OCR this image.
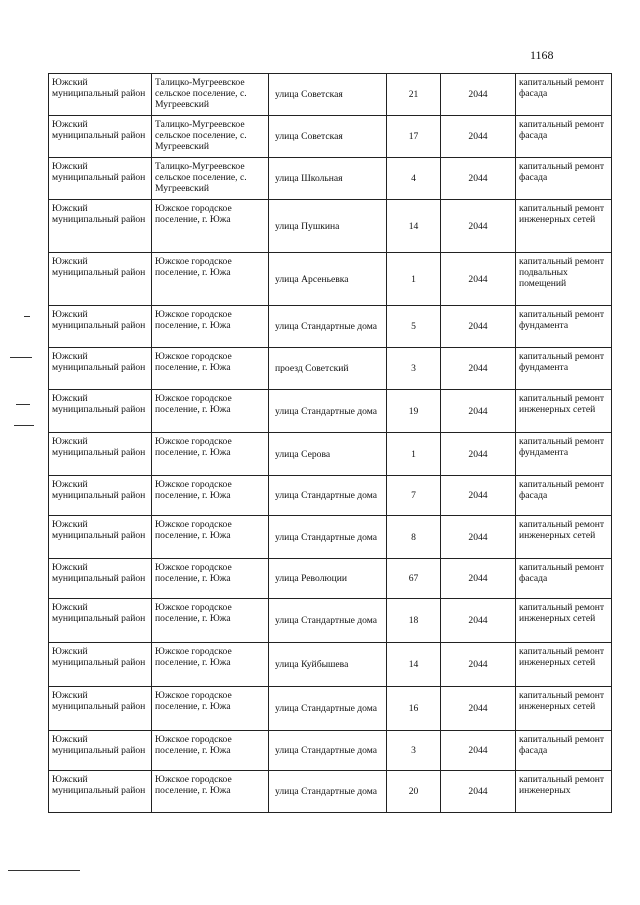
1168
Южский муниципальный район	Талицко-Мугреевское сельское поселение, с. Мугреевский	улица Советская	21	2044	капитальный ремонт фасада
Южский муниципальный район	Талицко-Мугреевское сельское поселение, с. Мугреевский	улица Советская	17	2044	капитальный ремонт фасада
Южский муниципальный район	Талицко-Мугреевское сельское поселение, с. Мугреевский	улица Школьная	4	2044	капитальный ремонт фасада
Южский муниципальный район	Южское городское поселение, г. Южа	улица Пушкина	14	2044	капитальный ремонт инженерных сетей
Южский муниципальный район	Южское городское поселение, г. Южа	улица Арсеньевка	1	2044	капитальный ремонт подвальных помещений
Южский муниципальный район	Южское городское поселение, г. Южа	улица Стандартные дома	5	2044	капитальный ремонт фундамента
Южский муниципальный район	Южское городское поселение, г. Южа	проезд Советский	3	2044	капитальный ремонт фундамента
Южский муниципальный район	Южское городское поселение, г. Южа	улица Стандартные дома	19	2044	капитальный ремонт инженерных сетей
Южский муниципальный район	Южское городское поселение, г. Южа	улица Серова	1	2044	капитальный ремонт фундамента
Южский муниципальный район	Южское городское поселение, г. Южа	улица Стандартные дома	7	2044	капитальный ремонт фасада
Южский муниципальный район	Южское городское поселение, г. Южа	улица Стандартные дома	8	2044	капитальный ремонт инженерных сетей
Южский муниципальный район	Южское городское поселение, г. Южа	улица Революции	67	2044	капитальный ремонт фасада
Южский муниципальный район	Южское городское поселение, г. Южа	улица Стандартные дома	18	2044	капитальный ремонт инженерных сетей
Южский муниципальный район	Южское городское поселение, г. Южа	улица Куйбышева	14	2044	капитальный ремонт инженерных сетей
Южский муниципальный район	Южское городское поселение, г. Южа	улица Стандартные дома	16	2044	капитальный ремонт инженерных сетей
Южский муниципальный район	Южское городское поселение, г. Южа	улица Стандартные дома	3	2044	капитальный ремонт фасада
Южский муниципальный район	Южское городское поселение, г. Южа	улица Стандартные дома	20	2044	капитальный ремонт инженерных
